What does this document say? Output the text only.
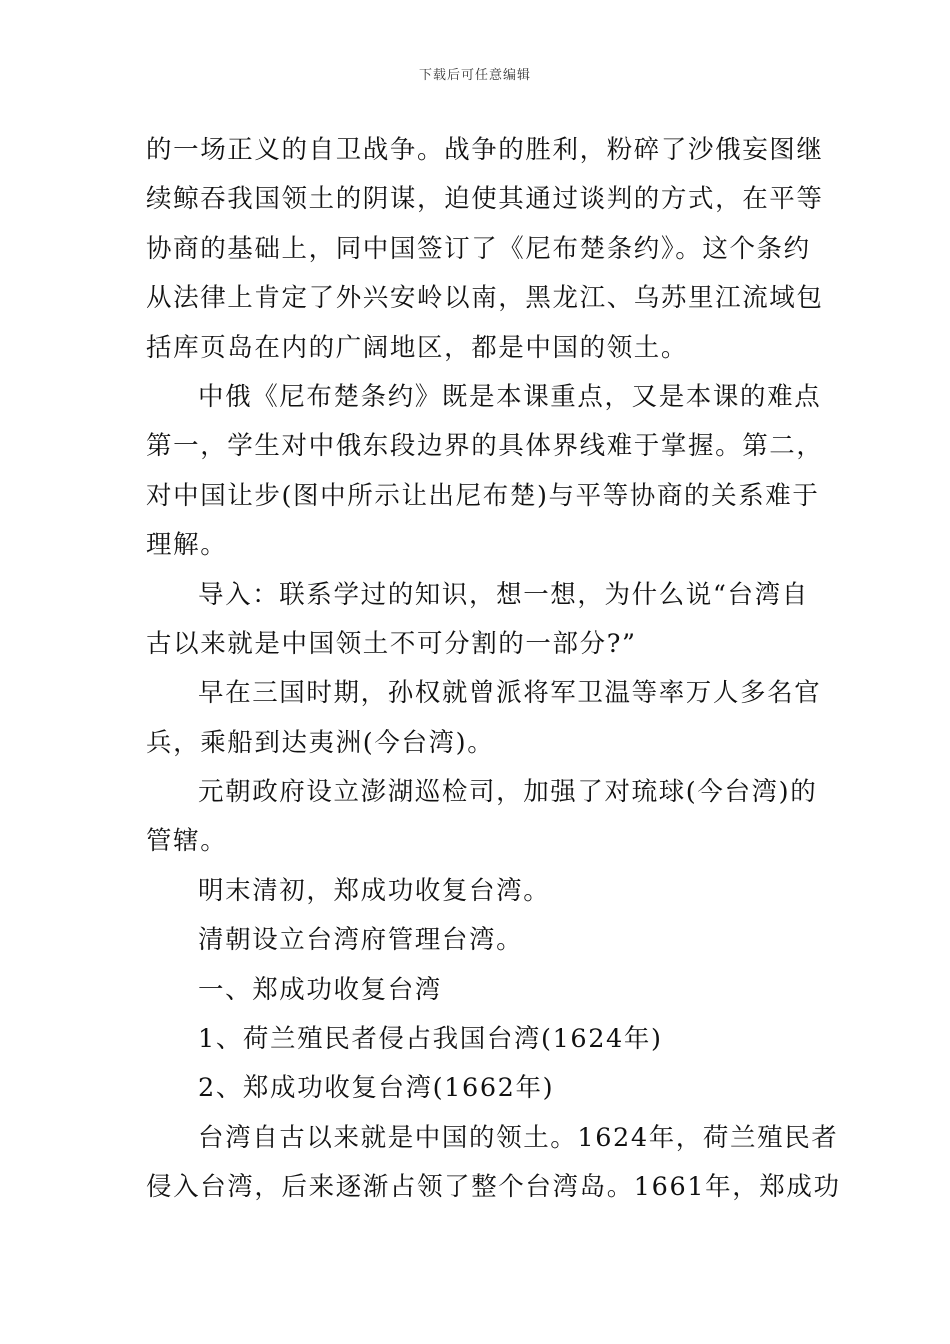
下载后可任意编辑
的一场正义的自卫战争。战争的胜利，粉碎了沙俄妄图继
续鲸吞我国领土的阴谋，迫使其通过谈判的方式，在平等
协商的基础上，同中国签订了《尼布楚条约》。这个条约
从法律上肯定了外兴安岭以南，黑龙江、乌苏里江流域包
括库页岛在内的广阔地区，都是中国的领土。
中俄《尼布楚条约》既是本课重点，又是本课的难点
第一，学生对中俄东段边界的具体界线难于掌握。第二，
对中国让步(图中所示让出尼布楚)与平等协商的关系难于
理解。
导入：联系学过的知识，想一想，为什么说“台湾自
古以来就是中国领土不可分割的一部分?”
早在三国时期，孙权就曾派将军卫温等率万人多名官
兵，乘船到达夷洲(今台湾)。
元朝政府设立澎湖巡检司，加强了对琉球(今台湾)的
管辖。
明末清初，郑成功收复台湾。
清朝设立台湾府管理台湾。
一、郑成功收复台湾
1、荷兰殖民者侵占我国台湾(1624年)
2、郑成功收复台湾(1662年)
台湾自古以来就是中国的领土。1624年，荷兰殖民者
侵入台湾，后来逐渐占领了整个台湾岛。1661年，郑成功
